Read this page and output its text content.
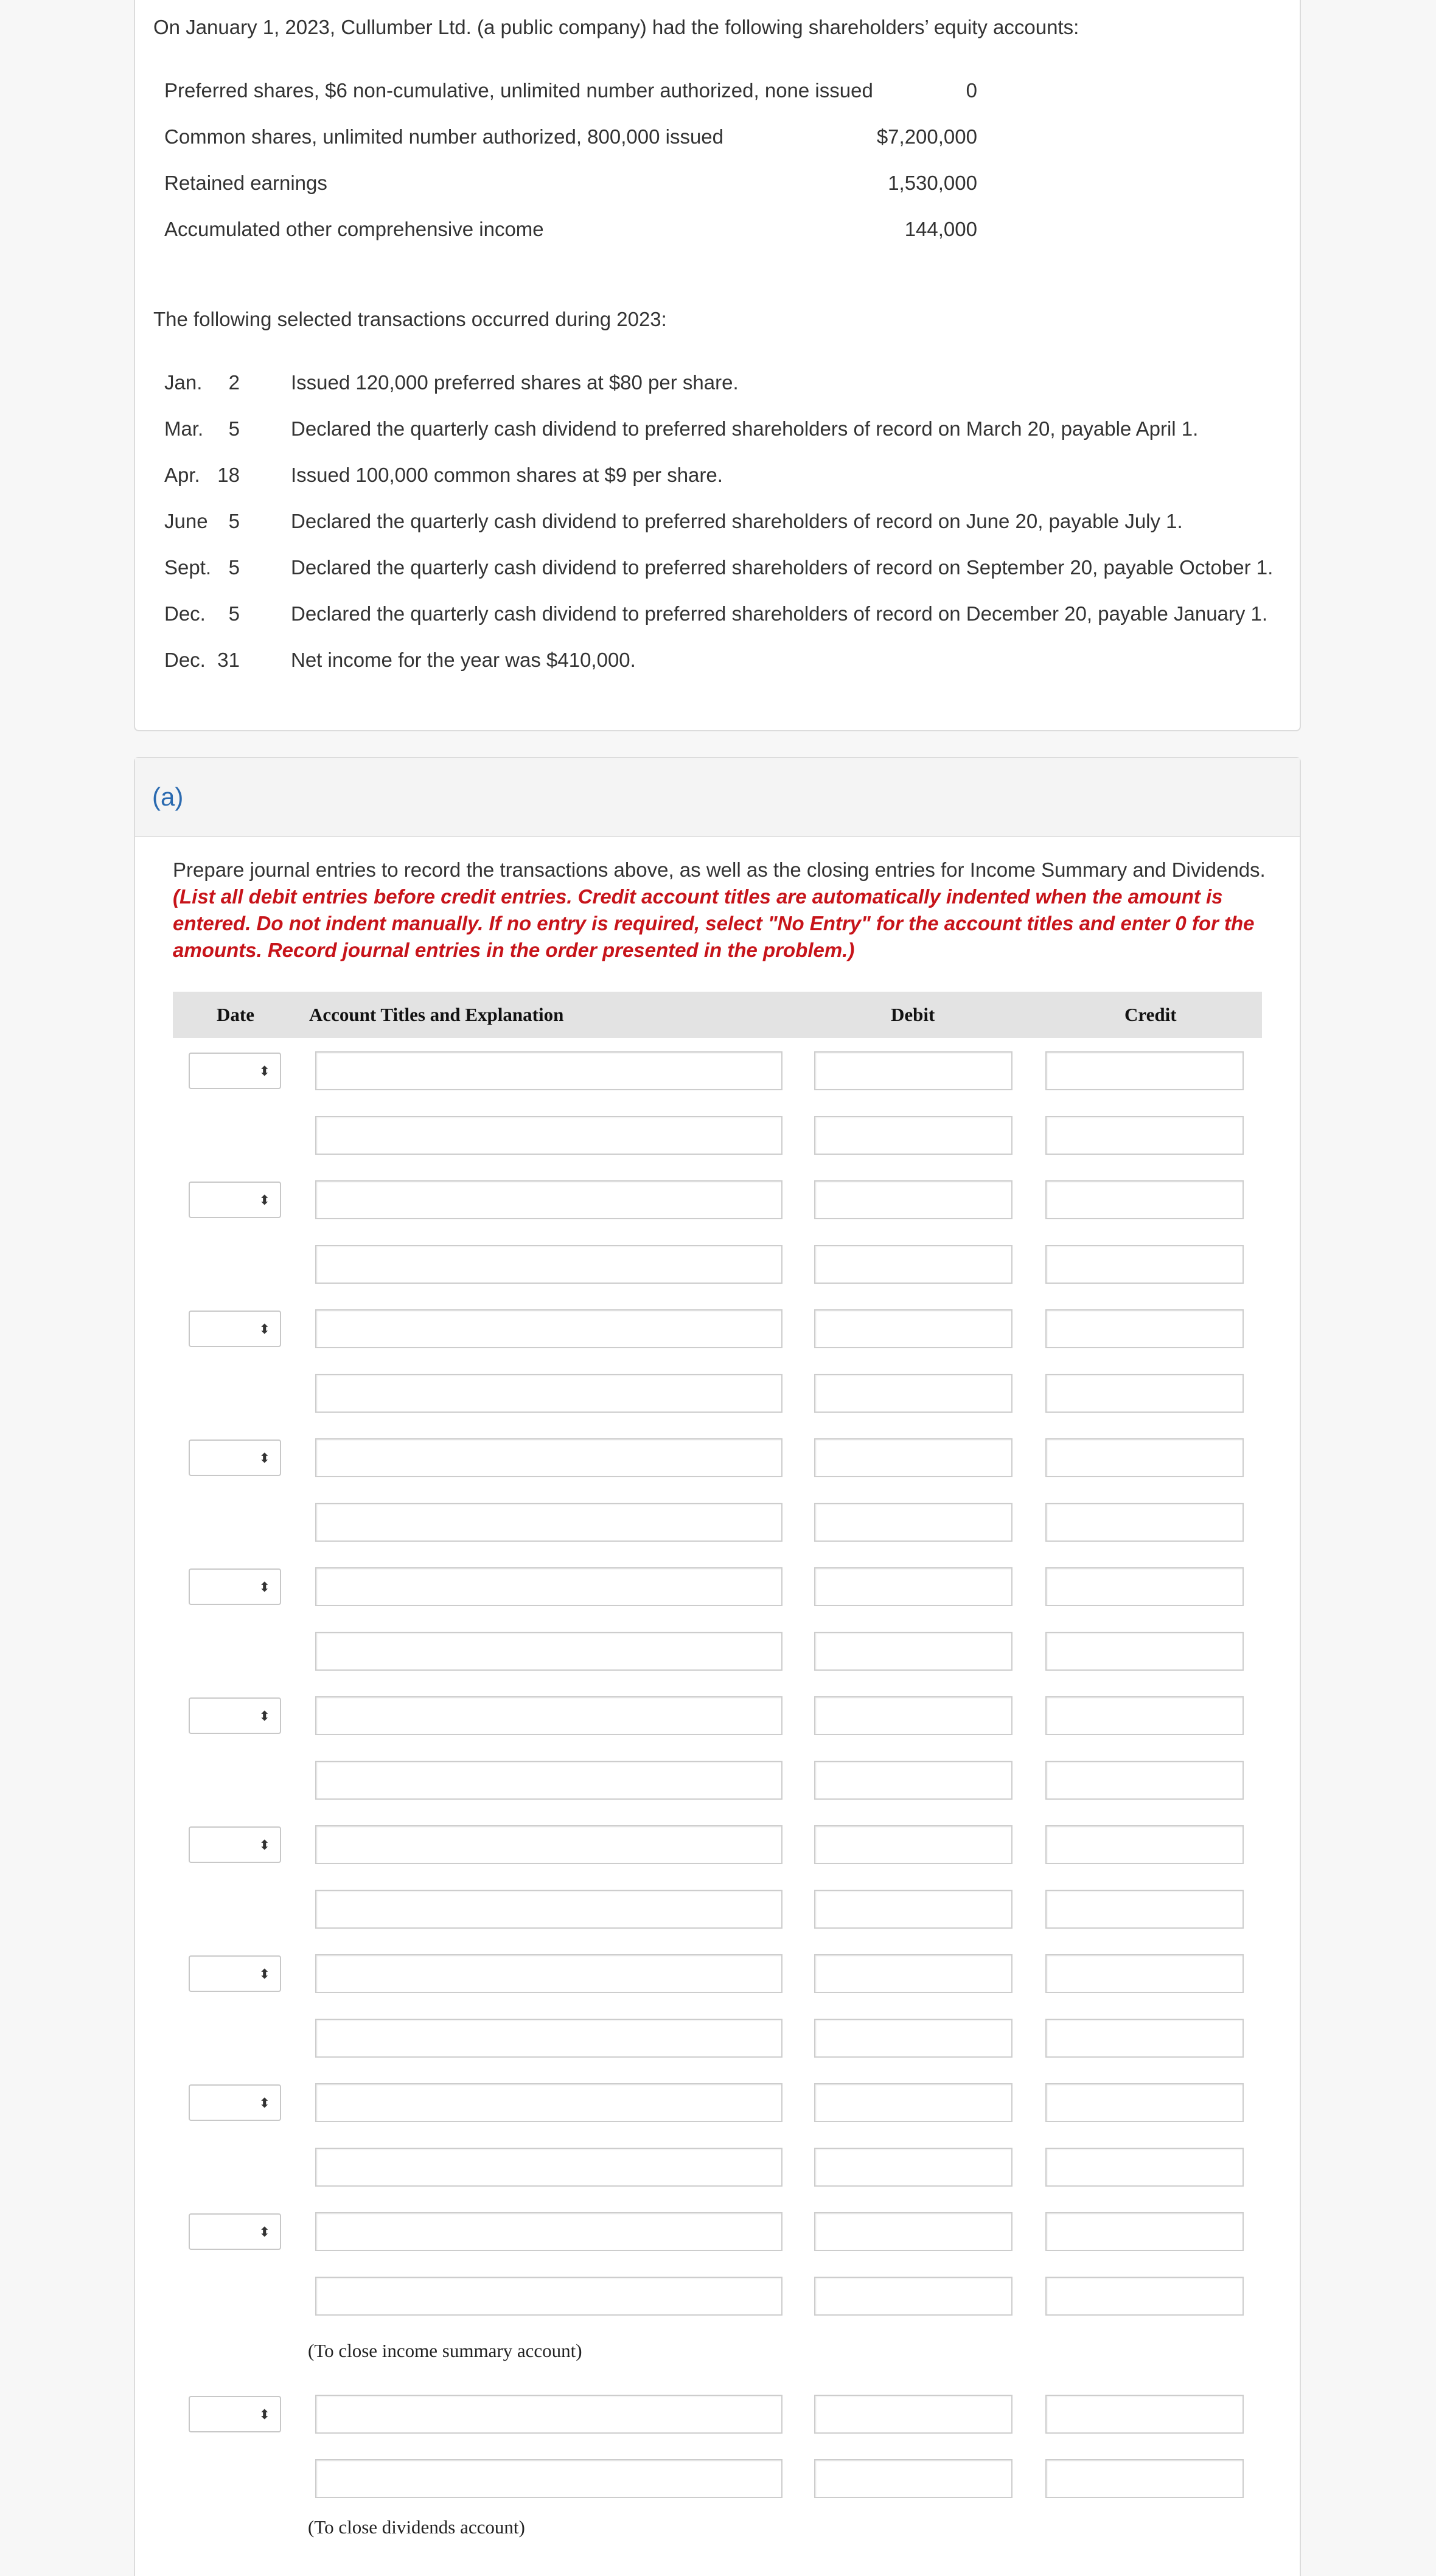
On January 1, 2023, Cullumber Ltd. (a public company) had the following shareholders’ equity accounts:
Preferred shares, $6 non-cumulative, unlimited number authorized, none issued	0
Common shares, unlimited number authorized, 800,000 issued	$7,200,000
Retained earnings	1,530,000
Accumulated other comprehensive income	144,000
The following selected transactions occurred during 2023:
Jan. 2	Issued 120,000 preferred shares at $80 per share.
Mar. 5	Declared the quarterly cash dividend to preferred shareholders of record on March 20, payable April 1.
Apr. 18	Issued 100,000 common shares at $9 per share.
June 5	Declared the quarterly cash dividend to preferred shareholders of record on June 20, payable July 1.
Sept. 5	Declared the quarterly cash dividend to preferred shareholders of record on September 20, payable October 1.
Dec. 5	Declared the quarterly cash dividend to preferred shareholders of record on December 20, payable January 1.
Dec. 31	Net income for the year was $410,000.
(a)
Prepare journal entries to record the transactions above, as well as the closing entries for Income Summary and Dividends. (List all debit entries before credit entries. Credit account titles are automatically indented when the amount is entered. Do not indent manually. If no entry is required, select "No Entry" for the account titles and enter 0 for the amounts. Record journal entries in the order presented in the problem.)
Date	Account Titles and Explanation	Debit	Credit
⬍
⬍
⬍
⬍
⬍
⬍
⬍
⬍
⬍
⬍
⬍
(To close income summary account)
(To close dividends account)
